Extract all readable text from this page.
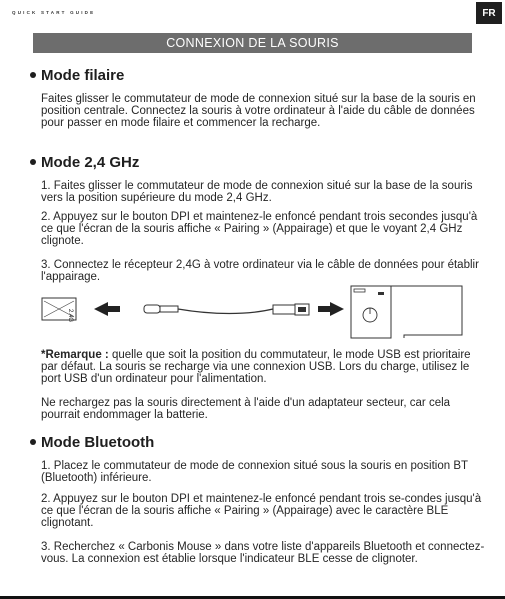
QUICK START GUIDE	FR
CONNEXION DE LA SOURIS
Mode filaire
Faites glisser le commutateur de mode de connexion situé sur la base de la souris en position centrale. Connectez la souris à votre ordinateur à l'aide du câble de données pour passer en mode filaire et commencer la recharge.
Mode 2,4 GHz
1. Faites glisser le commutateur de mode de connexion situé sur la base de la souris vers la position supérieure du mode 2,4 GHz.
2. Appuyez sur le bouton DPI et maintenez-le enfoncé pendant trois secondes jusqu'à ce que l'écran de la souris affiche « Pairing » (Appairage) et que le voyant 2,4 GHz clignote.
3. Connectez le récepteur 2,4G à votre ordinateur via le câble de données pour établir l'appairage.
2.4G
*Remarque : quelle que soit la position du commutateur, le mode USB est prioritaire par défaut. La souris se recharge via une connexion USB. Lors du charge, utilisez le port USB d'un ordinateur pour l'alimentation.
Ne rechargez pas la souris directement à l'aide d'un adaptateur secteur, car cela pourrait endommager la batterie.
Mode Bluetooth
1. Placez le commutateur de mode de connexion situé sous la souris en position BT (Bluetooth) inférieure.
2. Appuyez sur le bouton DPI et maintenez-le enfoncé pendant trois se-condes jusqu'à ce que l'écran de la souris affiche « Pairing » (Appairage) avec le caractère BLE clignotant.
3. Recherchez « Carbonis Mouse » dans votre liste d'appareils Bluetooth et connectez-vous. La connexion est établie lorsque l'indicateur BLE cesse de clignoter.
